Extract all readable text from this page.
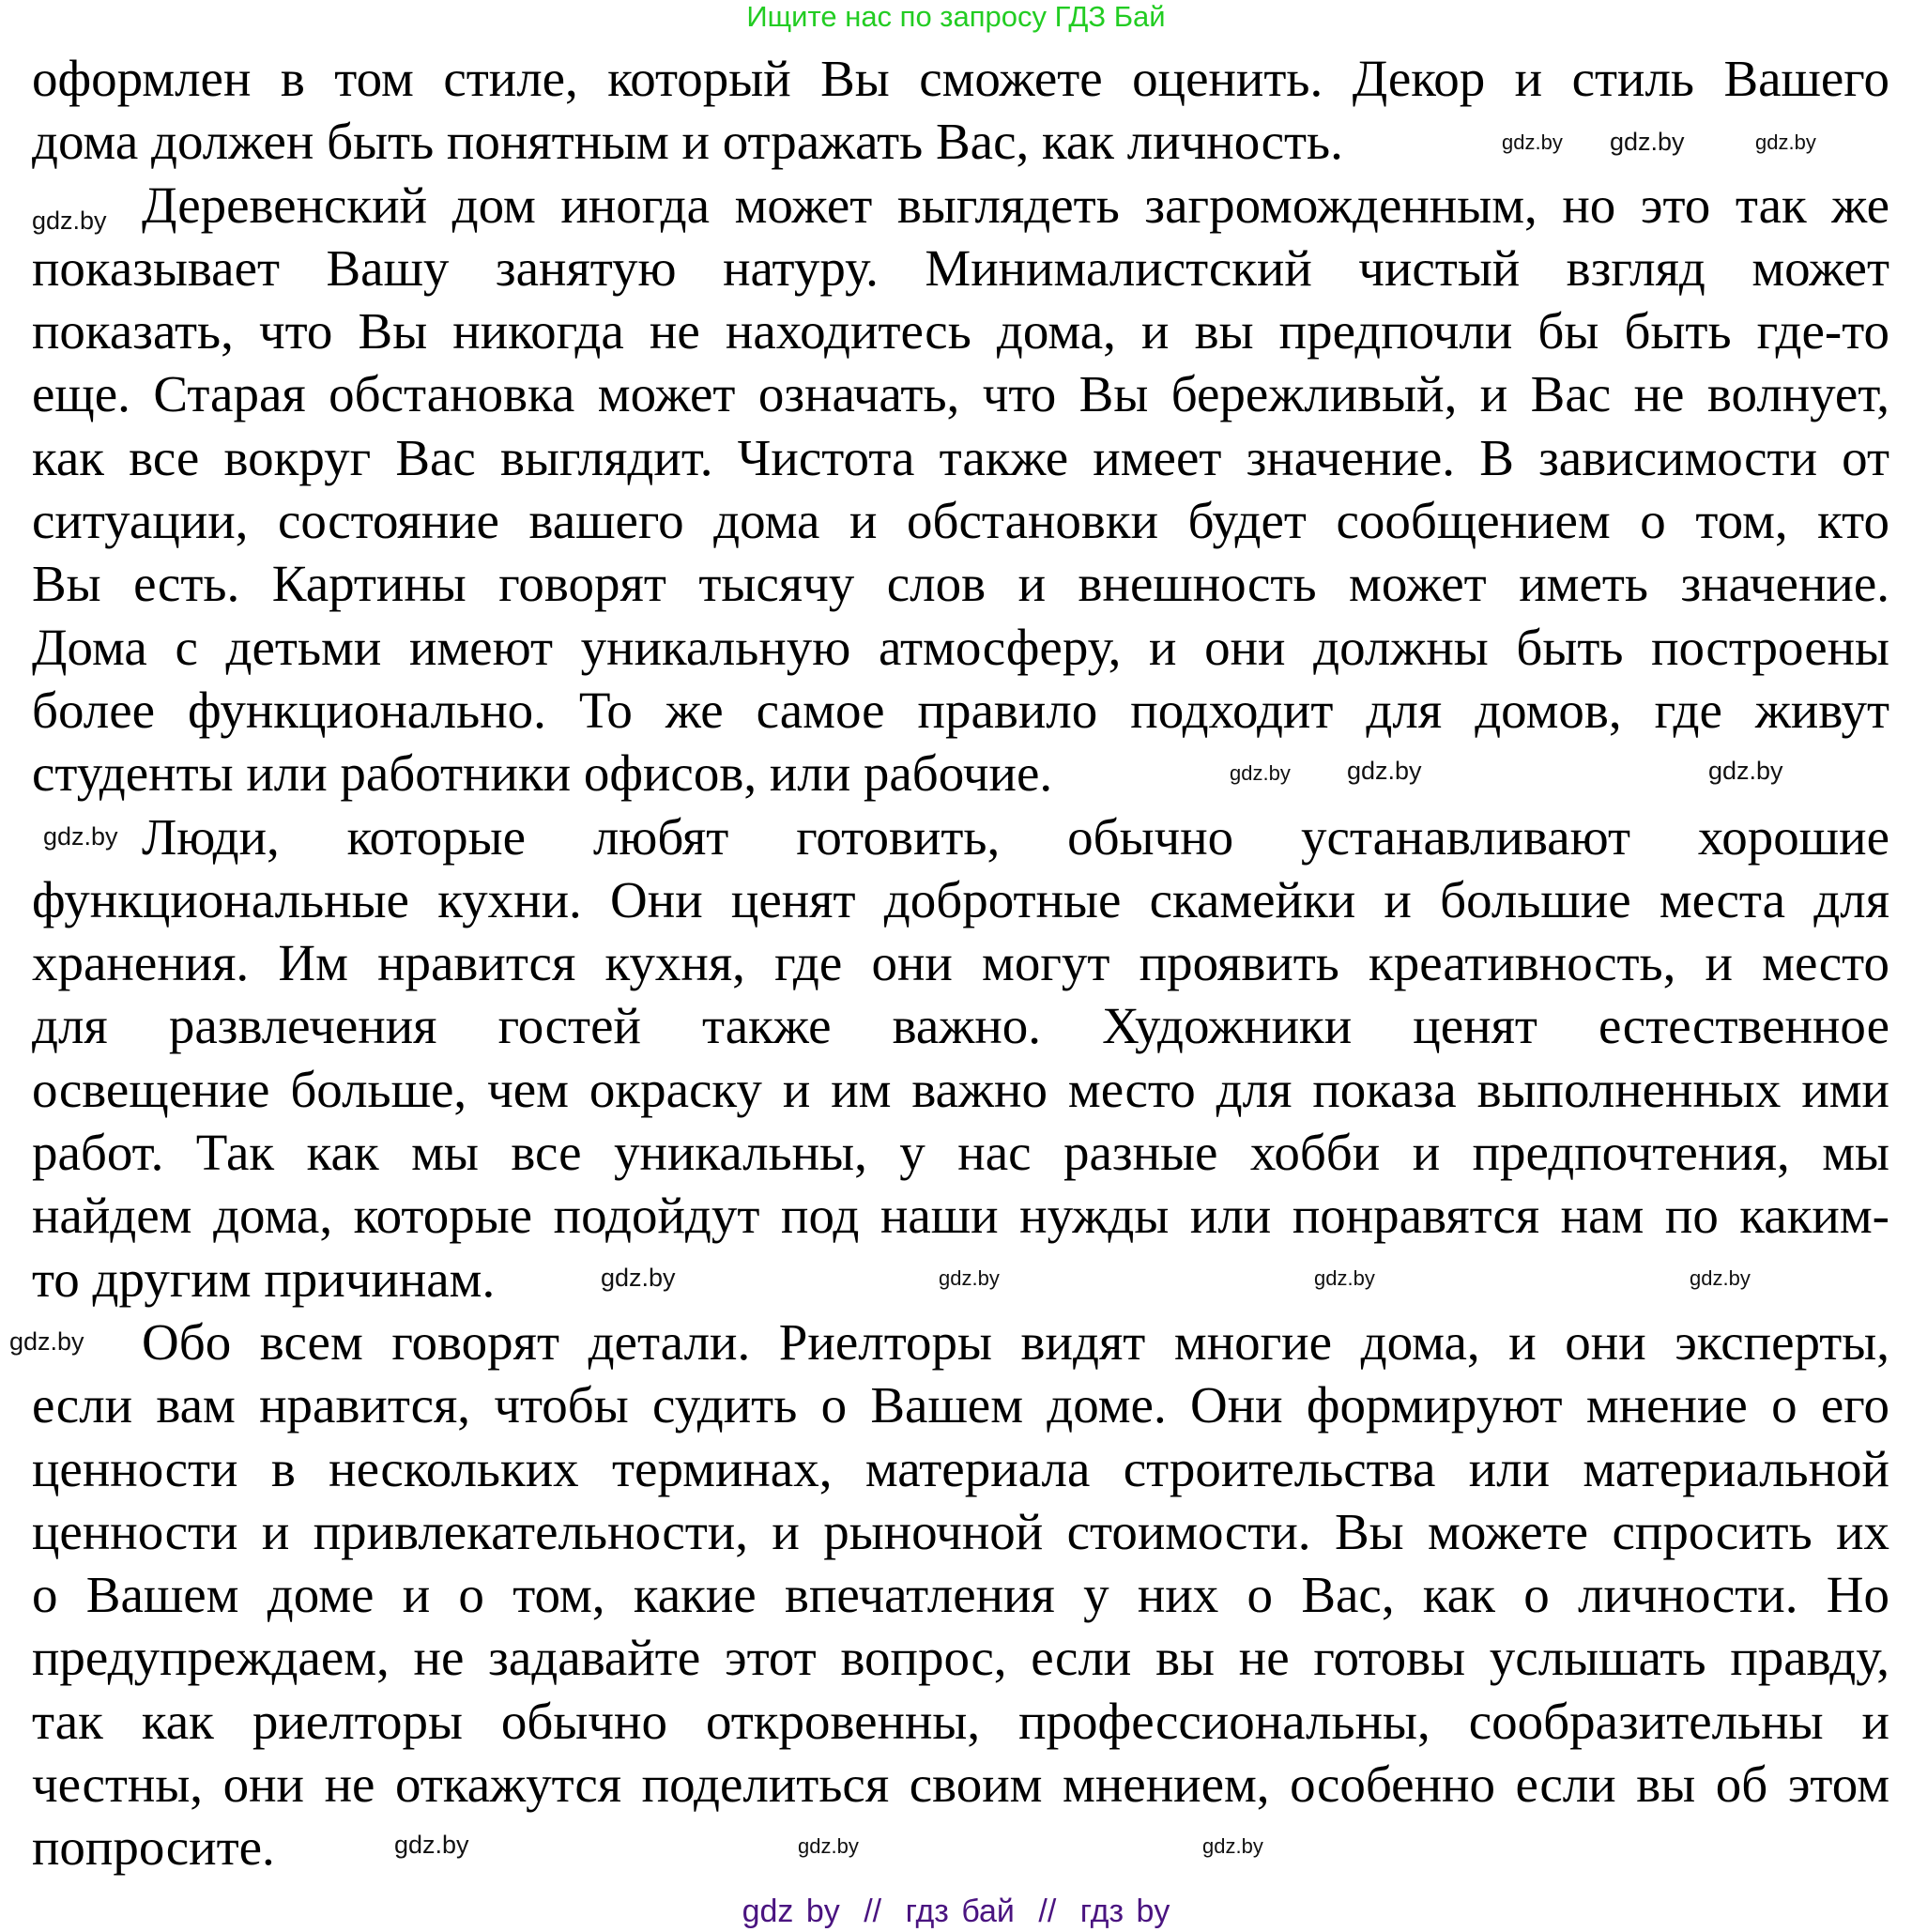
Ищите нас по запросу ГДЗ Бай
оформлен в том стиле, который Вы сможете оценить. Декор и стиль Вашего
дома должен быть понятным и отражать Вас, как личность.
Деревенский дом иногда может выглядеть загроможденным, но это так же
показывает Вашу занятую натуру. Минималистский чистый взгляд может
показать, что Вы никогда не находитесь дома, и вы предпочли бы быть где-то
еще. Старая обстановка может означать, что Вы бережливый, и Вас не волнует,
как все вокруг Вас выглядит. Чистота также имеет значение. В зависимости от
ситуации, состояние вашего дома и обстановки будет сообщением о том, кто
Вы есть. Картины говорят тысячу слов и внешность может иметь значение.
Дома с детьми имеют уникальную атмосферу, и они должны быть построены
более функционально. То же самое правило подходит для домов, где живут
студенты или работники офисов, или рабочие.
Люди, которые любят готовить, обычно устанавливают хорошие
функциональные кухни. Они ценят добротные скамейки и большие места для
хранения. Им нравится кухня, где они могут проявить креативность, и место
для развлечения гостей также важно. Художники ценят естественное
освещение больше, чем окраску и им важно место для показа выполненных ими
работ. Так как мы все уникальны, у нас разные хобби и предпочтения, мы
найдем дома, которые подойдут под наши нужды или понравятся нам по каким-
то другим причинам.
Обо всем говорят детали. Риелторы видят многие дома, и они эксперты,
если вам нравится, чтобы судить о Вашем доме. Они формируют мнение о его
ценности в нескольких терминах, материала строительства или материальной
ценности и привлекательности, и рыночной стоимости. Вы можете спросить их
о Вашем доме и о том, какие впечатления у них о Вас, как о личности. Но
предупреждаем, не задавайте этот вопрос, если вы не готовы услышать правду,
так как риелторы обычно откровенны, профессиональны, сообразительны и
честны, они не откажутся поделиться своим мнением, особенно если вы об этом
попросите.
gdz.by
gdz.by
gdz.by	gdz.by
gdz.by	gdz.by
gdz.by
gdz.by
gdz.by
gdz.by
gdz.by
gdz.by	gdz.by
gdz.by
gdz.by	gdz.by
gdz by // гдз бай // гдз by
